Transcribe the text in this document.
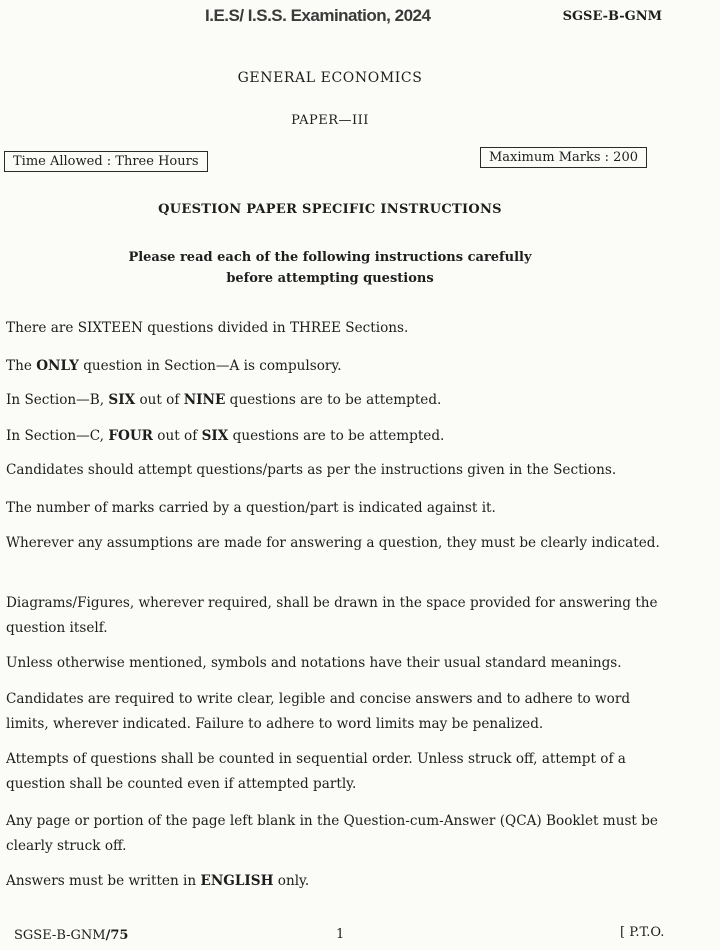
I.E.S/ I.S.S. Examination, 2024	SGSE-B-GNM
GENERAL ECONOMICS
PAPER—III
Time Allowed : Three Hours	Maximum Marks : 200
QUESTION PAPER SPECIFIC INSTRUCTIONS
Please read each of the following instructions carefully
before attempting questions

There are SIXTEEN questions divided in THREE Sections.

The ONLY question in Section—A is compulsory.

In Section—B, SIX out of NINE questions are to be attempted.

In Section—C, FOUR out of SIX questions are to be attempted.

Candidates should attempt questions/parts as per the instructions given in the Sections.

The number of marks carried by a question/part is indicated against it.

Wherever any assumptions are made for answering a question, they must be clearly indicated.

Diagrams/Figures, wherever required, shall be drawn in the space provided for answering the question itself.

Unless otherwise mentioned, symbols and notations have their usual standard meanings.

Candidates are required to write clear, legible and concise answers and to adhere to word limits, wherever indicated. Failure to adhere to word limits may be penalized.

Attempts of questions shall be counted in sequential order. Unless struck off, attempt of a question shall be counted even if attempted partly.

Any page or portion of the page left blank in the Question-cum-Answer (QCA) Booklet must be clearly struck off.

Answers must be written in ENGLISH only.

SGSE-B-GNM/75	1	[ P.T.O.
